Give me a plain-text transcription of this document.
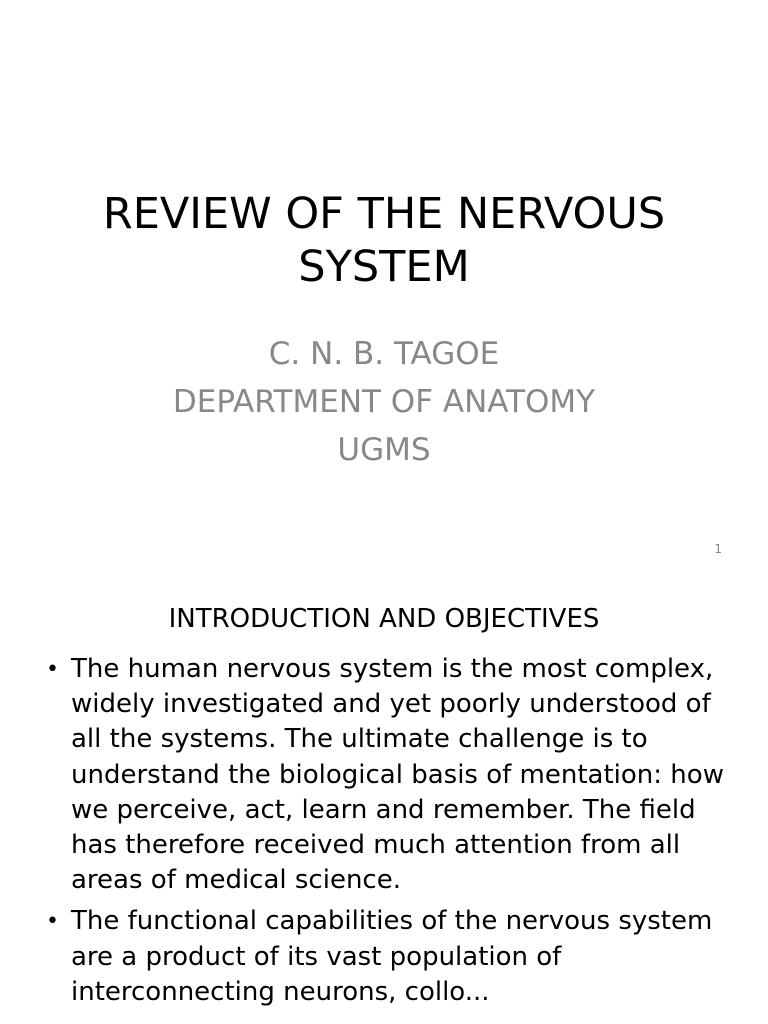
REVIEW OF THE NERVOUS
SYSTEM
C. N. B. TAGOE
DEPARTMENT OF ANATOMY
UGMS
1
INTRODUCTION AND OBJECTIVES
• The human nervous system is the most complex, widely investigated and yet poorly understood of all the systems. The ultimate challenge is to understand the biological basis of mentation: how we perceive, act, learn and remember. The field has therefore received much attention from all areas of medical science.
• The functional capabilities of the nervous system are a product of its vast population of interconnecting neurons, collo...
